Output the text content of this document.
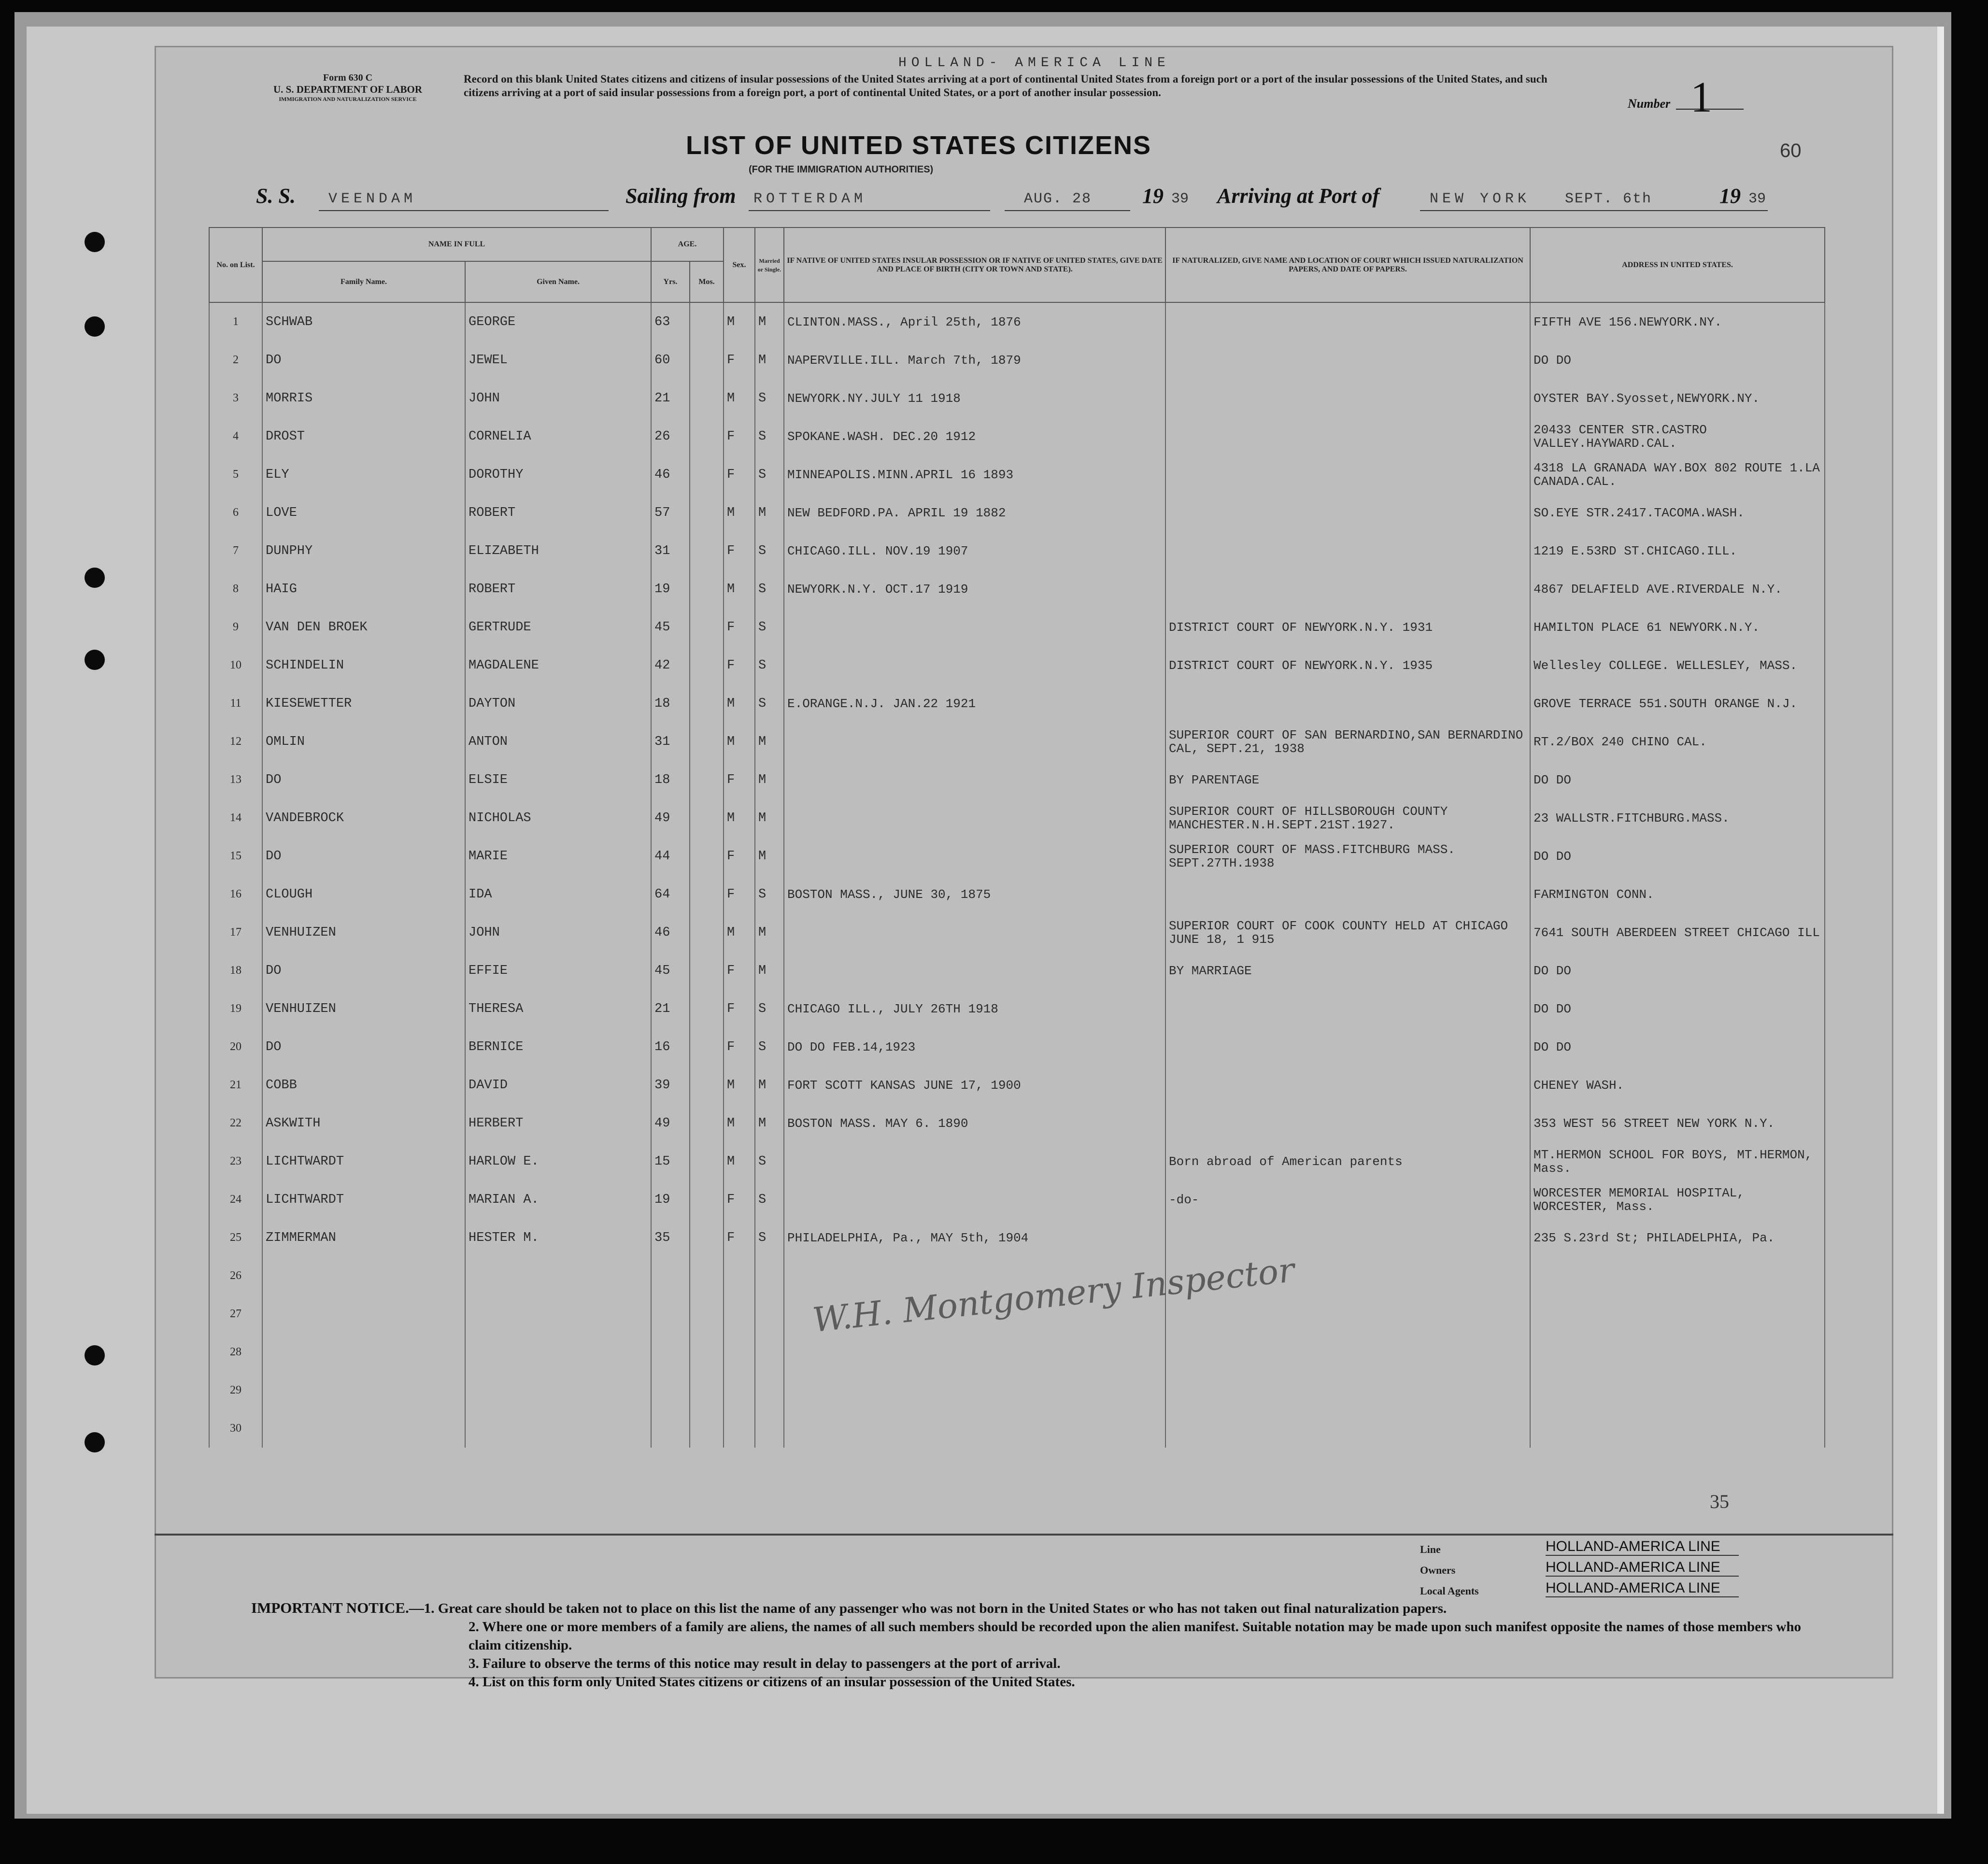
HOLLAND- AMERICA LINE
Form 630 C
U. S. DEPARTMENT OF LABOR
IMMIGRATION AND NATURALIZATION SERVICE
Record on this blank United States citizens and citizens of insular possessions of the United States arriving at a port of continental United States from a foreign port or a port of the insular possessions of the United States, and such citizens arriving at a port of said insular possessions from a foreign port, a port of continental United States, or a port of another insular possession.
Number 1
60
LIST OF UNITED STATES CITIZENS
(FOR THE IMMIGRATION AUTHORITIES)
S. S. VEENDAM	Sailing from ROTTERDAM	AUG. 28 19 39 Arriving at Port of	NEW YORK SEPT. 6th	19 39
No. on List.	NAME IN FULL		AGE.		Sex.	Married or Single.	IF NATIVE OF UNITED STATES INSULAR POSSESSION OR IF NATIVE OF UNITED STATES, GIVE DATE AND PLACE OF BIRTH (CITY OR TOWN AND STATE).	IF NATURALIZED, GIVE NAME AND LOCATION OF COURT WHICH ISSUED NATURALIZATION PAPERS, AND DATE OF PAPERS.	ADDRESS IN UNITED STATES.
	Family Name.	Given Name.	Yrs.	Mos.					
1	SCHWAB	GEORGE	63		M	M	CLINTON.MASS., April 25th, 1876		FIFTH AVE 156.NEWYORK.NY.
2	DO	JEWEL	60		F	M	NAPERVILLE.ILL. March 7th, 1879		DO DO
3	MORRIS	JOHN	21		M	S	NEWYORK.NY.JULY 11 1918		OYSTER BAY.Syosset,NEWYORK.NY.
4	DROST	CORNELIA	26		F	S	SPOKANE.WASH. DEC.20 1912		20433 CENTER STR.CASTRO VALLEY.HAYWARD.CAL.
5	ELY	DOROTHY	46		F	S	MINNEAPOLIS.MINN.APRIL 16 1893		4318 LA GRANADA WAY.BOX 802 ROUTE 1.LA CANADA.CAL.
6	LOVE	ROBERT	57		M	M	NEW BEDFORD.PA. APRIL 19 1882		SO.EYE STR.2417.TACOMA.WASH.
7	DUNPHY	ELIZABETH	31		F	S	CHICAGO.ILL. NOV.19 1907		1219 E.53RD ST.CHICAGO.ILL.
8	HAIG	ROBERT	19		M	S	NEWYORK.N.Y. OCT.17 1919		4867 DELAFIELD AVE.RIVERDALE N.Y.
9	VAN DEN BROEK	GERTRUDE	45		F	S		DISTRICT COURT OF NEWYORK.N.Y. 1931	HAMILTON PLACE 61 NEWYORK.N.Y.
10	SCHINDELIN	MAGDALENE	42		F	S		DISTRICT COURT OF NEWYORK.N.Y. 1935	Wellesley COLLEGE. WELLESLEY, MASS.
11	KIESEWETTER	DAYTON	18		M	S	E.ORANGE.N.J. JAN.22 1921		GROVE TERRACE 551.SOUTH ORANGE N.J.
12	OMLIN	ANTON	31		M	M		SUPERIOR COURT OF SAN BERNARDINO,SAN BERNARDINO CAL, SEPT.21, 1938	RT.2/BOX 240 CHINO CAL.
13	DO	ELSIE	18		F	M		BY PARENTAGE	DO DO
14	VANDEBROCK	NICHOLAS	49		M	M		SUPERIOR COURT OF HILLSBOROUGH COUNTY MANCHESTER.N.H.SEPT.21ST.1927.	23 WALLSTR.FITCHBURG.MASS.
15	DO	MARIE	44		F	M		SUPERIOR COURT OF MASS.FITCHBURG MASS. SEPT.27TH.1938	DO DO
16	CLOUGH	IDA	64		F	S	BOSTON MASS., JUNE 30, 1875		FARMINGTON CONN.
17	VENHUIZEN	JOHN	46		M	M		SUPERIOR COURT OF COOK COUNTY HELD AT CHICAGO JUNE 18, 1 915	7641 SOUTH ABERDEEN STREET CHICAGO ILL
18	DO	EFFIE	45		F	M		BY MARRIAGE	DO DO
19	VENHUIZEN	THERESA	21		F	S	CHICAGO ILL., JULY 26TH 1918		DO DO
20	DO	BERNICE	16		F	S	DO DO FEB.14,1923		DO DO
21	COBB	DAVID	39		M	M	FORT SCOTT KANSAS JUNE 17, 1900		CHENEY WASH.
22	ASKWITH	HERBERT	49		M	M	BOSTON MASS. MAY 6. 1890		353 WEST 56 STREET NEW YORK N.Y.
23	LICHTWARDT	HARLOW E.	15		M	S		Born abroad of American parents	MT.HERMON SCHOOL FOR BOYS, MT.HERMON, Mass.
24	LICHTWARDT	MARIAN A.	19		F	S		-do-	WORCESTER MEMORIAL HOSPITAL, WORCESTER, Mass.
25	ZIMMERMAN	HESTER M.	35		F	S	PHILADELPHIA, Pa., MAY 5th, 1904		235 S.23rd St; PHILADELPHIA, Pa.
26									
27									
28									
29									
30									
W.H. Montgomery Inspector
35
Line	HOLLAND-AMERICA LINE
Owners	HOLLAND-AMERICA LINE
Local Agents	HOLLAND-AMERICA LINE
IMPORTANT NOTICE.—1. Great care should be taken not to place on this list the name of any passenger who was not born in the United States or who has not taken out final naturalization papers.
2. Where one or more members of a family are aliens, the names of all such members should be recorded upon the alien manifest. Suitable notation may be made upon such manifest opposite the names of those members who claim citizenship.
3. Failure to observe the terms of this notice may result in delay to passengers at the port of arrival.
4. List on this form only United States citizens or citizens of an insular possession of the United States.
